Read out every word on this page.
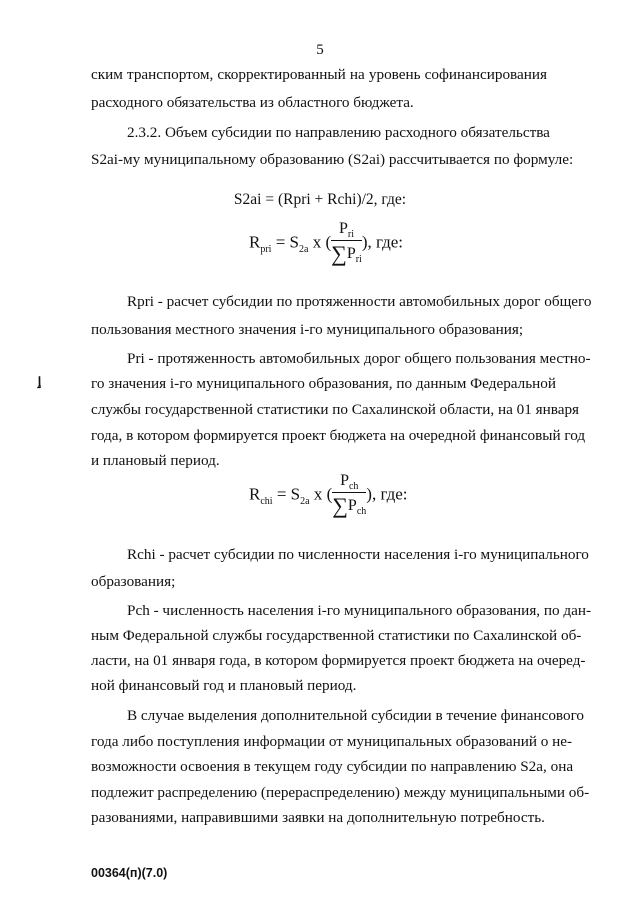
5
ским транспортом, скорректированный на уровень софинансирования
расходного обязательства из областного бюджета.
2.3.2. Объем субсидии по направлению расходного обязательства
S2ai-му муниципальному образованию (S2ai) рассчитывается по формуле:
S2ai = (Rpri + Rchi)/2, где:
$R_{pri} = S_{2a}$ x ( $\frac{P_{ri}}{\sum P_{ri}}$ ), где:
Rpri - расчет субсидии по протяженности автомобильных дорог общего
пользования местного значения i-го муниципального образования;
Pri - протяженность автомобильных дорог общего пользования местно-
го значения i-го муниципального образования, по данным Федеральной
службы государственной статистики по Сахалинской области, на 01 января
года, в котором формируется проект бюджета на очередной финансовый год
и плановый период.
$R_{chi} = S_{2a}$ x ( $\frac{P_{ch}}{\sum P_{ch}}$ ), где:
Rchi - расчет субсидии по численности населения i-го муниципального
образования;
Pch - численность населения i-го муниципального образования, по дан-
ным Федеральной службы государственной статистики по Сахалинской об-
ласти, на 01 января года, в котором формируется проект бюджета на очеред-
ной финансовый год и плановый период.
В случае выделения дополнительной субсидии в течение финансового
года либо поступления информации от муниципальных образований о не-
возможности освоения в текущем году субсидии по направлению S2a, она
подлежит распределению (перераспределению) между муниципальными об-
разованиями, направившими заявки на дополнительную потребность.
ٳ
00364(п)(7.0)
